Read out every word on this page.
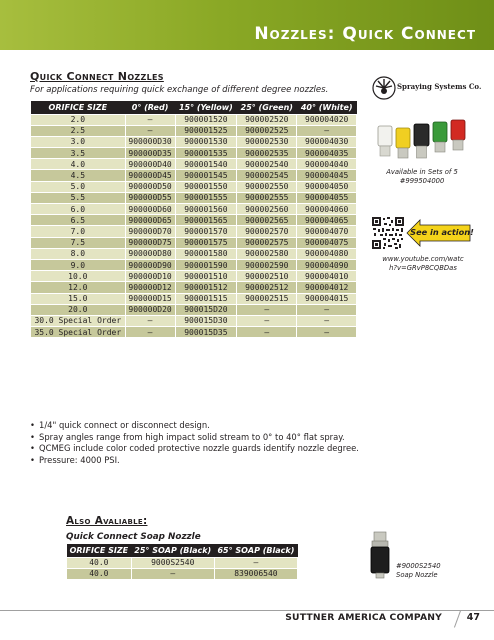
Nozzles: Quick Connect
Quick Connect Nozzles
For applications requiring quick exchange of different degree nozzles.
ORIFICE SIZE	0° (Red)	15° (Yellow)	25° (Green)	40° (White)
2.0	—	900001520	900002520	900004020
2.5	—	900001525	900002525	—
3.0	900000D30	900001530	900002530	900004030
3.5	900000D35	900001535	900002535	900004035
4.0	900000D40	900001540	900002540	900004040
4.5	900000D45	900001545	900002545	900004045
5.0	900000D50	900001550	900002550	900004050
5.5	900000D55	900001555	900002555	900004055
6.0	900000D60	900001560	900002560	900004060
6.5	900000D65	900001565	900002565	900004065
7.0	900000D70	900001570	900002570	900004070
7.5	900000D75	900001575	900002575	900004075
8.0	900000D80	900001580	900002580	900004080
9.0	900000D90	900001590	900002590	900004090
10.0	900000D10	900001510	900002510	900004010
12.0	900000D12	900001512	900002512	900004012
15.0	900000D15	900001515	900002515	900004015
20.0	900000D20	900015D20	—	—
30.0 Special Order	—	900015D30	—	—
35.0 Special Order	—	900015D35	—	—
• 1/4" quick connect or disconnect design.
• Spray angles range from high impact solid stream to 0° to 40° flat spray.
• QCMEG include color coded protective nozzle guards identify nozzle degree.
• Pressure: 4000 PSI.
Also Avaliable:
Quick Connect Soap Nozzle
ORIFICE SIZE	25° SOAP (Black)	65° SOAP (Black)
40.0	9000S2540	—
40.0	—	839006540
Spraying Systems Co.
Available in Sets of 5
#999504000
See in action!
www.youtube.com/watc
h?v=GRvP8CQBDas
#9000S2540
Soap Nozzle
SUTTNER AMERICA COMPANY	47
